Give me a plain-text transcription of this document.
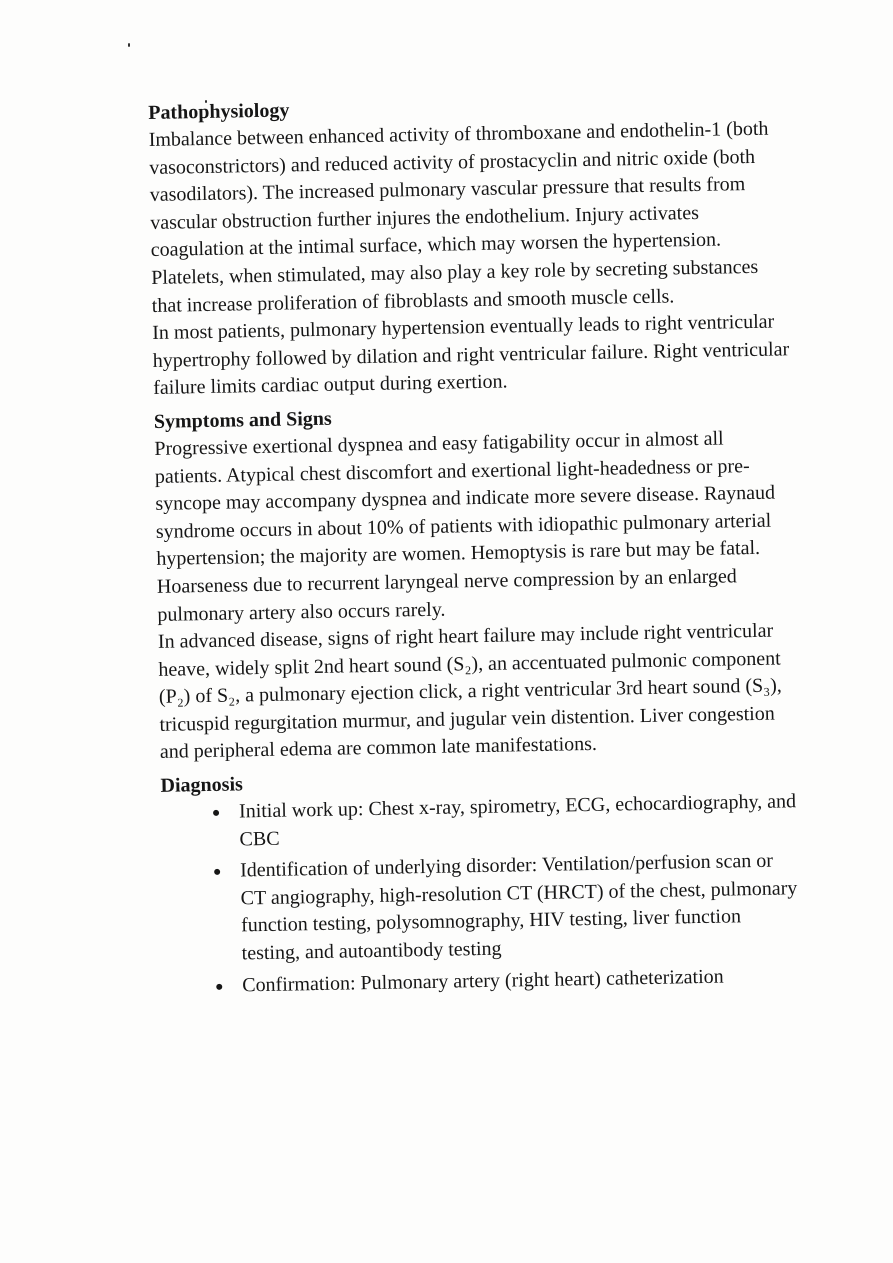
Pathophysiology

Imbalance between enhanced activity of thromboxane and endothelin-1 (both vasoconstrictors) and reduced activity of prostacyclin and nitric oxide (both vasodilators). The increased pulmonary vascular pressure that results from vascular obstruction further injures the endothelium. Injury activates coagulation at the intimal surface, which may worsen the hypertension. Platelets, when stimulated, may also play a key role by secreting substances that increase proliferation of fibroblasts and smooth muscle cells.

In most patients, pulmonary hypertension eventually leads to right ventricular hypertrophy followed by dilation and right ventricular failure. Right ventricular failure limits cardiac output during exertion.

Symptoms and Signs

Progressive exertional dyspnea and easy fatigability occur in almost all patients. Atypical chest discomfort and exertional light-headedness or pre-syncope may accompany dyspnea and indicate more severe disease. Raynaud syndrome occurs in about 10% of patients with idiopathic pulmonary arterial hypertension; the majority are women. Hemoptysis is rare but may be fatal. Hoarseness due to recurrent laryngeal nerve compression by an enlarged pulmonary artery also occurs rarely.

In advanced disease, signs of right heart failure may include right ventricular heave, widely split 2nd heart sound (S₂), an accentuated pulmonic component (P₂) of S₂, a pulmonary ejection click, a right ventricular 3rd heart sound (S₃), tricuspid regurgitation murmur, and jugular vein distention. Liver congestion and peripheral edema are common late manifestations.

Diagnosis
Initial work up: Chest x-ray, spirometry, ECG, echocardiography, and CBC
Identification of underlying disorder: Ventilation/perfusion scan or CT angiography, high-resolution CT (HRCT) of the chest, pulmonary function testing, polysomnography, HIV testing, liver function testing, and autoantibody testing
Confirmation: Pulmonary artery (right heart) catheterization
